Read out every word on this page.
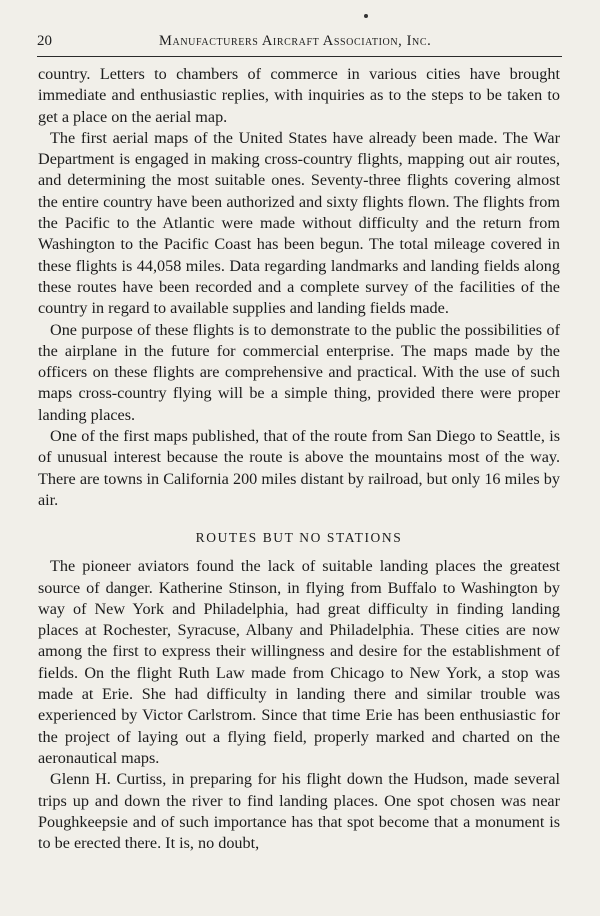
20	Manufacturers Aircraft Association, Inc.

country. Letters to chambers of commerce in various cities have brought immediate and enthusiastic replies, with inquiries as to the steps to be taken to get a place on the aerial map.

The first aerial maps of the United States have already been made. The War Department is engaged in making cross-country flights, mapping out air routes, and determining the most suitable ones. Seventy-three flights covering almost the entire country have been authorized and sixty flights flown. The flights from the Pacific to the Atlantic were made without difficulty and the return from Washington to the Pacific Coast has been begun. The total mileage covered in these flights is 44,058 miles. Data regarding landmarks and landing fields along these routes have been recorded and a complete survey of the facilities of the country in regard to available supplies and landing fields made.

One purpose of these flights is to demonstrate to the public the possibilities of the airplane in the future for commercial enterprise. The maps made by the officers on these flights are comprehensive and practical. With the use of such maps cross-country flying will be a simple thing, provided there were proper landing places.

One of the first maps published, that of the route from San Diego to Seattle, is of unusual interest because the route is above the mountains most of the way. There are towns in California 200 miles distant by railroad, but only 16 miles by air.

ROUTES BUT NO STATIONS

The pioneer aviators found the lack of suitable landing places the greatest source of danger. Katherine Stinson, in flying from Buffalo to Washington by way of New York and Philadelphia, had great difficulty in finding landing places at Rochester, Syracuse, Albany and Philadelphia. These cities are now among the first to express their willingness and desire for the establishment of fields. On the flight Ruth Law made from Chicago to New York, a stop was made at Erie. She had difficulty in landing there and similar trouble was experienced by Victor Carlstrom. Since that time Erie has been enthusiastic for the project of laying out a flying field, properly marked and charted on the aeronautical maps.

Glenn H. Curtiss, in preparing for his flight down the Hudson, made several trips up and down the river to find landing places. One spot chosen was near Poughkeepsie and of such importance has that spot become that a monument is to be erected there. It is, no doubt,
